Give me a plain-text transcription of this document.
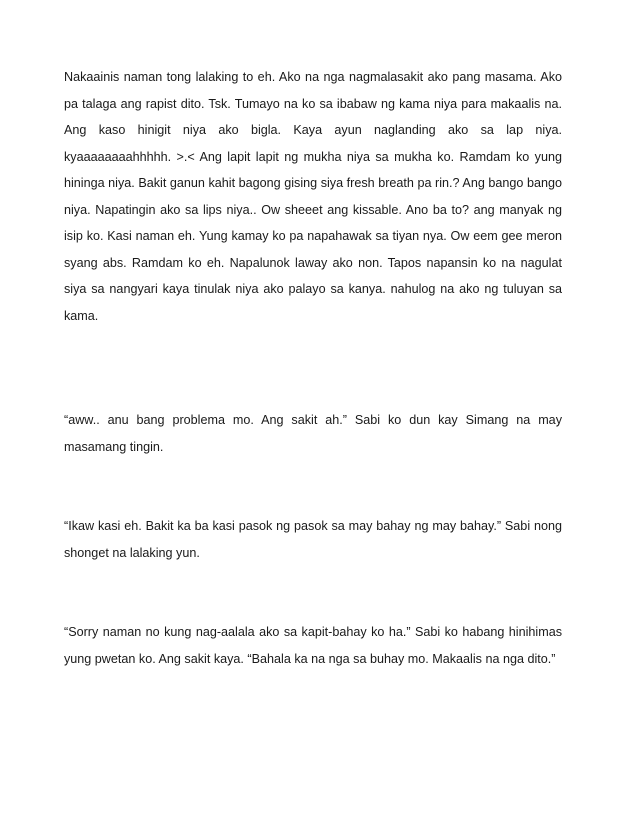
Nakaainis naman tong lalaking to eh. Ako na nga nagmalasakit ako pang masama. Ako pa talaga ang rapist dito. Tsk. Tumayo na ko sa ibabaw ng kama niya para makaalis na. Ang kaso hinigit niya ako bigla. Kaya ayun naglanding ako sa lap niya. kyaaaaaaaahhhhh. >.< Ang lapit lapit ng mukha niya sa mukha ko. Ramdam ko yung hininga niya. Bakit ganun kahit bagong gising siya fresh breath pa rin.? Ang bango bango niya. Napatingin ako sa lips niya.. Ow sheeet ang kissable. Ano ba to? ang manyak ng isip ko. Kasi naman eh. Yung kamay ko pa napahawak sa tiyan nya. Ow eem gee meron syang abs. Ramdam ko eh. Napalunok laway ako non. Tapos napansin ko na nagulat siya sa nangyari kaya tinulak niya ako palayo sa kanya. nahulog na ako ng tuluyan sa kama.

“aww.. anu bang problema mo. Ang sakit ah.” Sabi ko dun kay Simang na may masamang tingin.

“Ikaw kasi eh. Bakit ka ba kasi pasok ng pasok sa may bahay ng may bahay.” Sabi nong shonget na lalaking yun.

“Sorry naman no kung nag-aalala ako sa kapit-bahay ko ha.” Sabi ko habang hinihimas yung pwetan ko. Ang sakit kaya. “Bahala ka na nga sa buhay mo. Makaalis na nga dito.”
